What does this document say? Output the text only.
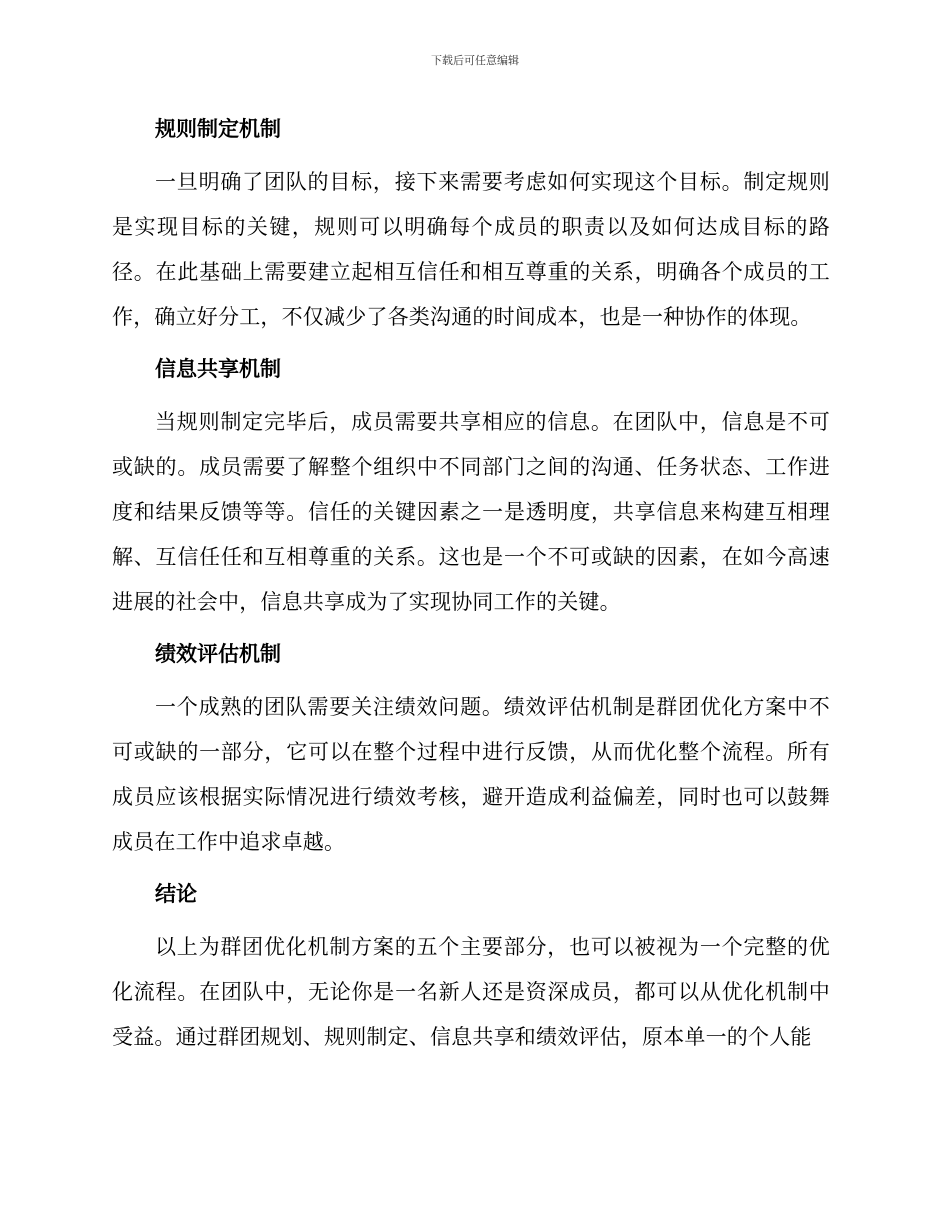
下载后可任意编辑
规则制定机制

一旦明确了团队的目标，接下来需要考虑如何实现这个目标。制定规则是实现目标的关键，规则可以明确每个成员的职责以及如何达成目标的路径。在此基础上需要建立起相互信任和相互尊重的关系，明确各个成员的工作，确立好分工，不仅减少了各类沟通的时间成本，也是一种协作的体现。

信息共享机制

当规则制定完毕后，成员需要共享相应的信息。在团队中，信息是不可或缺的。成员需要了解整个组织中不同部门之间的沟通、任务状态、工作进度和结果反馈等等。信任的关键因素之一是透明度，共享信息来构建互相理解、互信任任和互相尊重的关系。这也是一个不可或缺的因素，在如今高速进展的社会中，信息共享成为了实现协同工作的关键。

绩效评估机制

一个成熟的团队需要关注绩效问题。绩效评估机制是群团优化方案中不可或缺的一部分，它可以在整个过程中进行反馈，从而优化整个流程。所有成员应该根据实际情况进行绩效考核，避开造成利益偏差，同时也可以鼓舞成员在工作中追求卓越。

结论

以上为群团优化机制方案的五个主要部分，也可以被视为一个完整的优化流程。在团队中，无论你是一名新人还是资深成员，都可以从优化机制中受益。通过群团规划、规则制定、信息共享和绩效评估，原本单一的个人能
